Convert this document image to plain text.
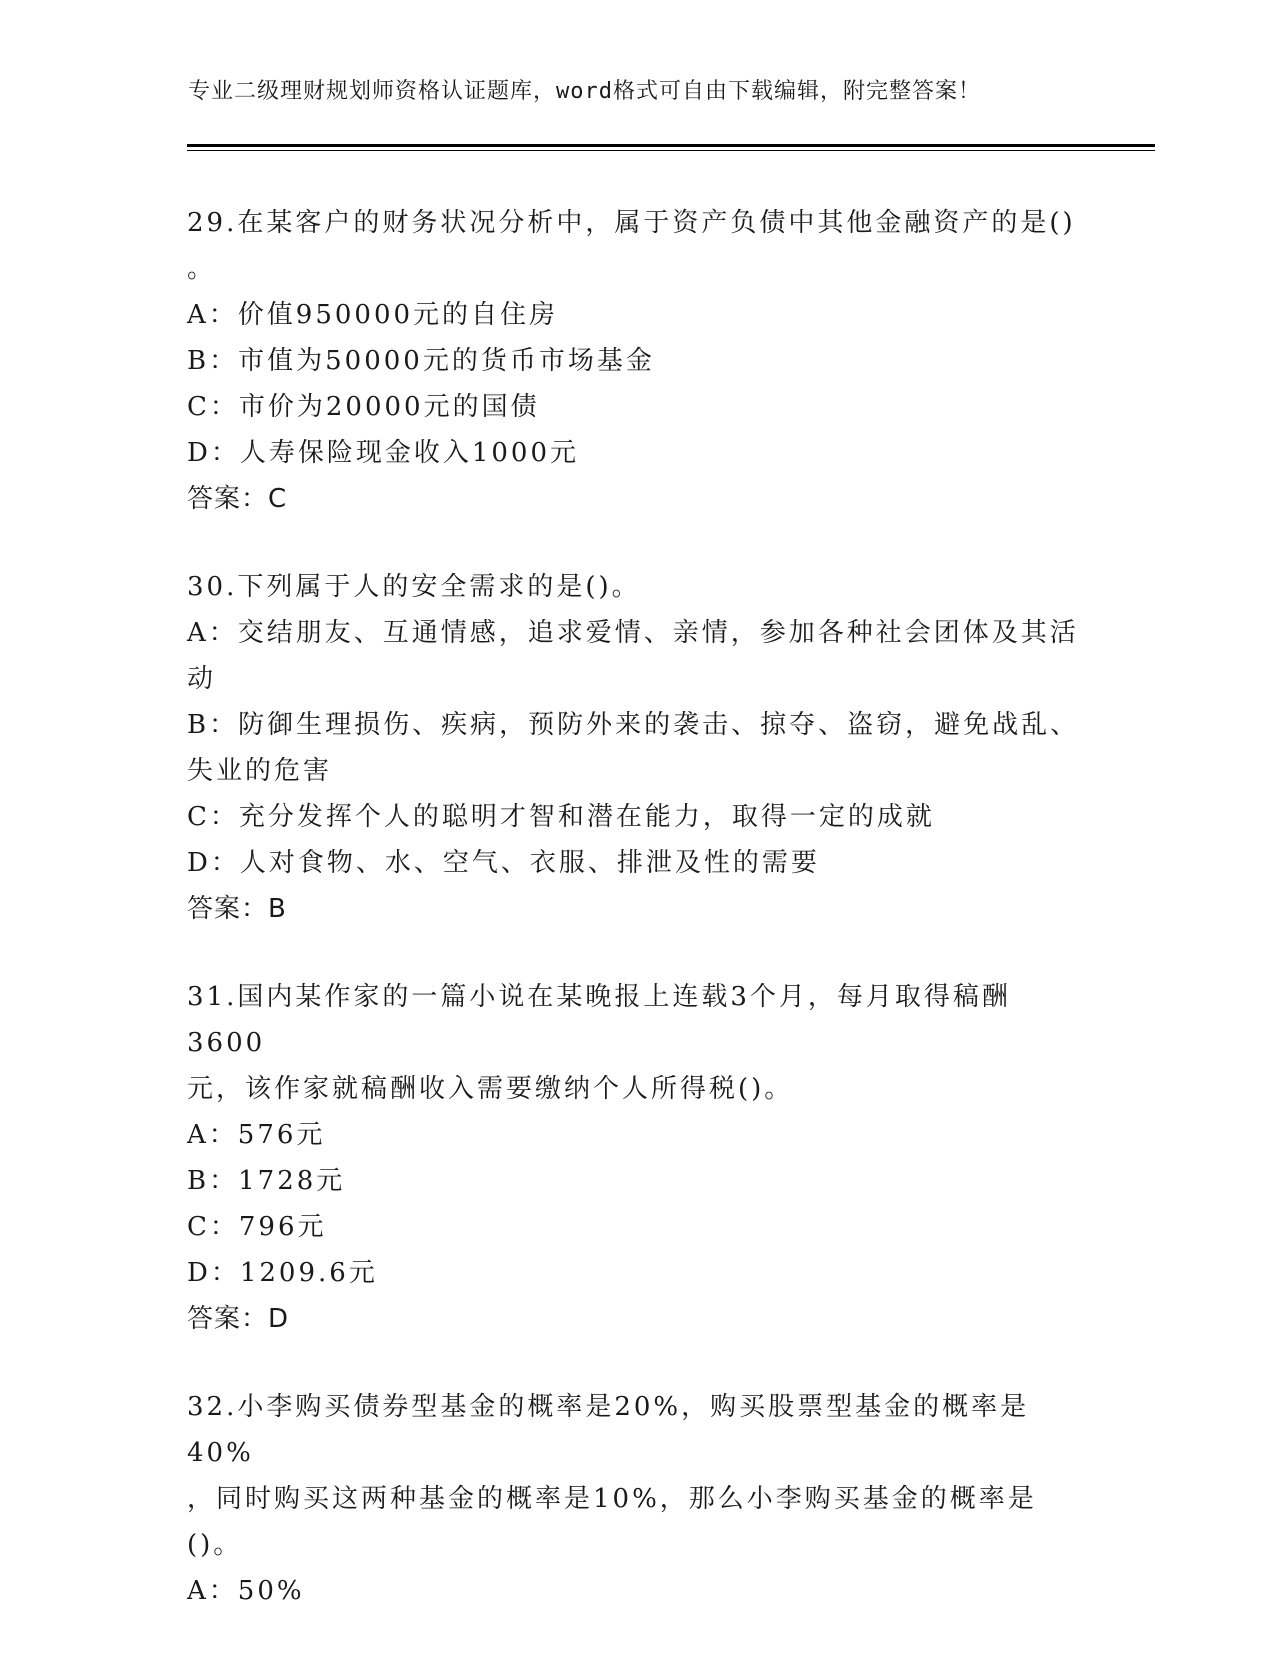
专业二级理财规划师资格认证题库，word格式可自由下载编辑，附完整答案！
29.在某客户的财务状况分析中，属于资产负债中其他金融资产的是()
。
A：价值950000元的自住房
B：市值为50000元的货币市场基金
C：市价为20000元的国债
D：人寿保险现金收入1000元
答案：C
30.下列属于人的安全需求的是()。
A：交结朋友、互通情感，追求爱情、亲情，参加各种社会团体及其活
动
B：防御生理损伤、疾病，预防外来的袭击、掠夺、盗窃，避免战乱、
失业的危害
C：充分发挥个人的聪明才智和潜在能力，取得一定的成就
D：人对食物、水、空气、衣服、排泄及性的需要
答案：B
31.国内某作家的一篇小说在某晚报上连载3个月，每月取得稿酬3600
元，该作家就稿酬收入需要缴纳个人所得税()。
A：576元
B：1728元
C：796元
D：1209.6元
答案：D
32.小李购买债券型基金的概率是20%，购买股票型基金的概率是40%
，同时购买这两种基金的概率是10%，那么小李购买基金的概率是()。
A：50%
